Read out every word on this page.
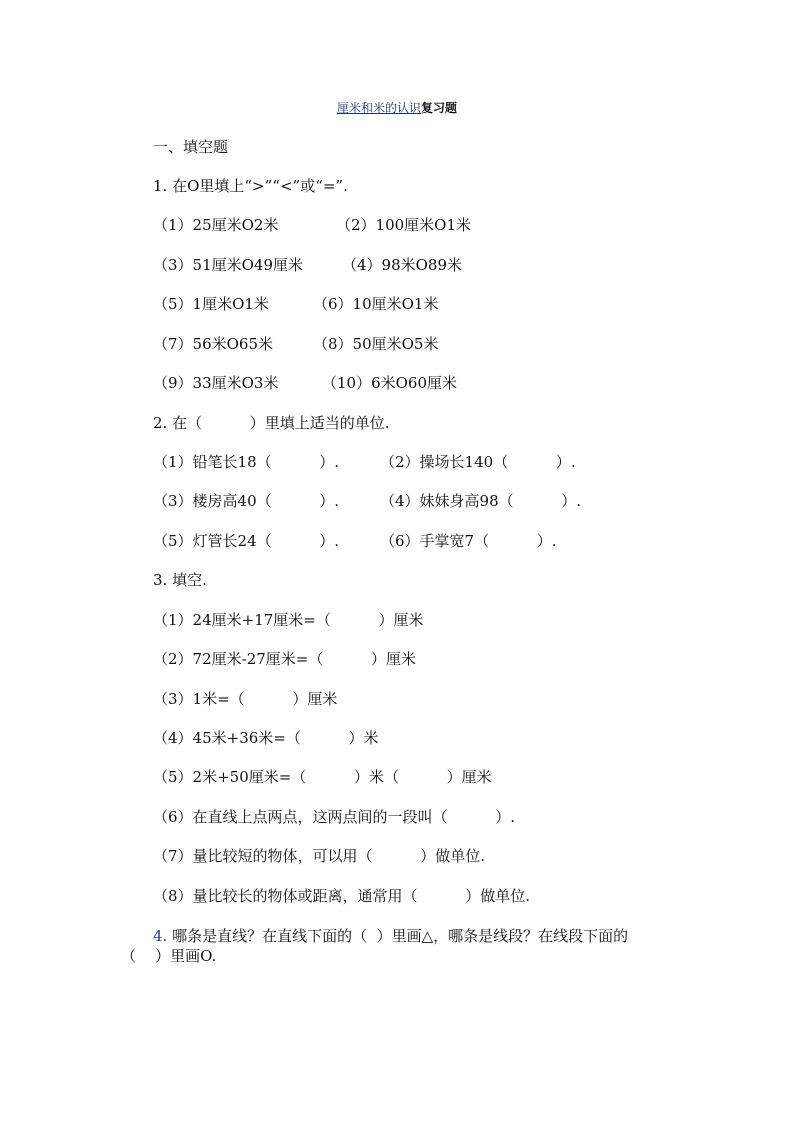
厘米和米的认识复习题
一、填空题
1. 在O里填上“>”“<”或“=”.
（1）25厘米O2米	（2）100厘米O1米
（3）51厘米O49厘米	（4）98米O89米
（5）1厘米O1米	（6）10厘米O1米
（7）56米O65米	（8）50厘米O5米
（9）33厘米O3米	（10）6米O60厘米
2. 在（          ）里填上适当的单位.
（1）铅笔长18（          ）.	（2）操场长140（          ）.
（3）楼房高40（          ）.	（4）妹妹身高98（          ）.
（5）灯管长24（          ）.	（6）手掌宽7（          ）.
3. 填空.
（1）24厘米+17厘米=（          ）厘米
（2）72厘米-27厘米=（          ）厘米
（3）1米=（          ）厘米
（4）45米+36米=（          ）米
（5）2米+50厘米=（          ）米（          ）厘米
（6）在直线上点两点，这两点间的一段叫（          ）.
（7）量比较短的物体，可以用（          ）做单位.
（8）量比较长的物体或距离，通常用（          ）做单位.
4. 哪条是直线？在直线下面的（  ）里画△，哪条是线段？在线段下面的
（    ）里画O.
